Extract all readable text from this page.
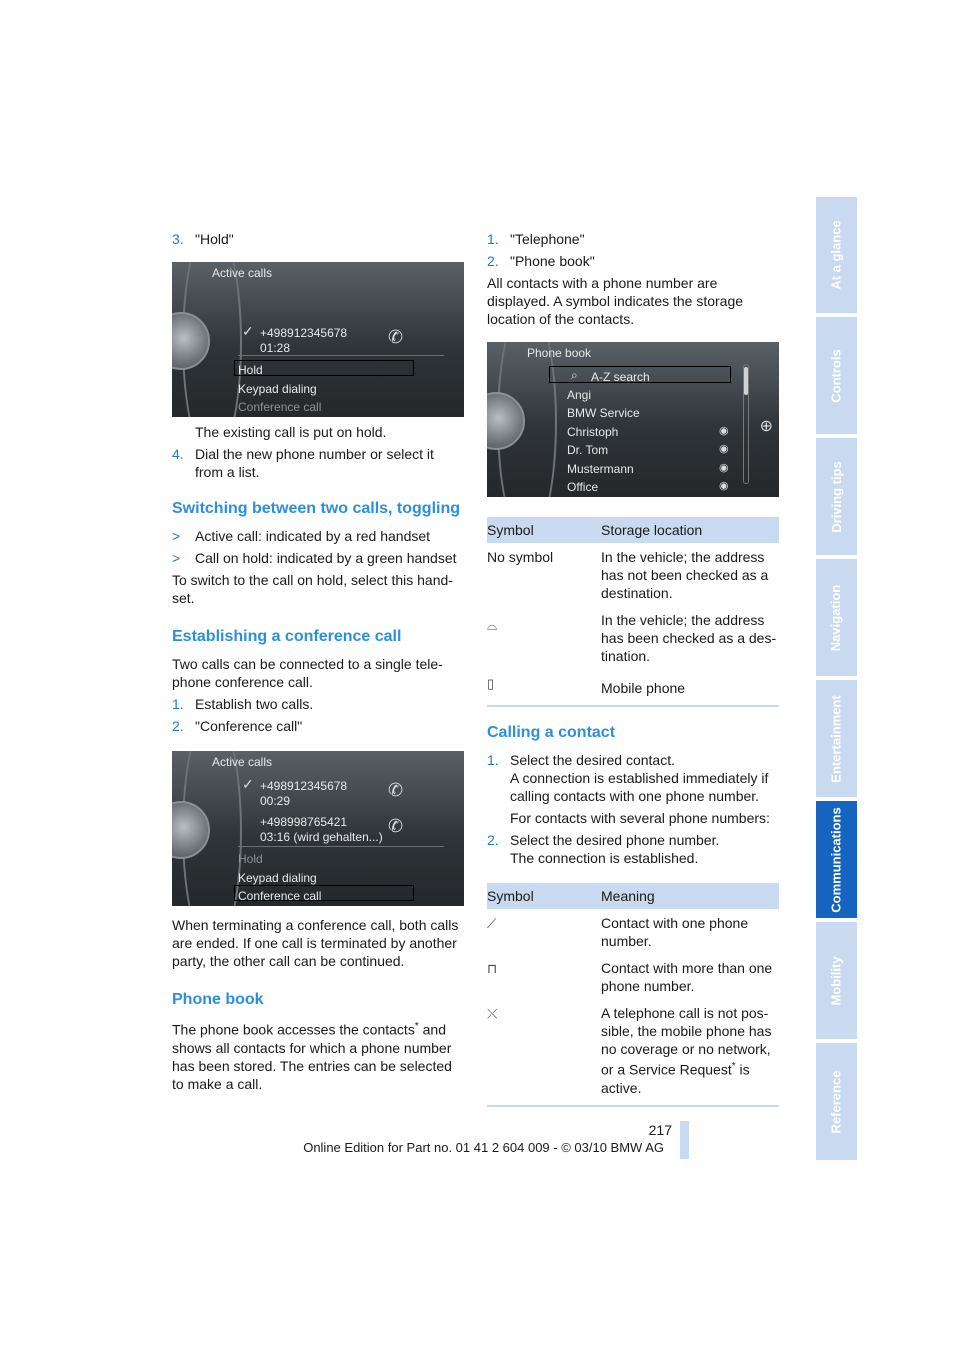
3. "Hold"
Active calls
✓ +498912345678
01:28
✆
Hold
Keypad dialing
Conference call

The existing call is put on hold.

4. Dial the new phone number or select it from a list.
Switching between two calls, toggling
>	Active call: indicated by a red handset
>	Call on hold: indicated by a green handset

To switch to the call on hold, select this hand-set.

Establishing a conference call

Two calls can be connected to a single tele-phone conference call.

1. Establish two calls.
2. "Conference call"
Active calls
✓ +498912345678
00:29
✆
+498998765421
03:16 (wird gehalten...)
✆
Hold
Keypad dialing
Conference call

When terminating a conference call, both calls are ended. If one call is terminated by another party, the other call can be continued.

Phone book

The phone book accesses the contacts* and shows all contacts for which a phone number has been stored. The entries can be selected to make a call.

1. "Telephone"
2. "Phone book"

All contacts with a phone number are displayed. A symbol indicates the storage location of the contacts.

Phone book
⌕ A-Z search
Angi
BMW Service
Christoph
Dr. Tom
Mustermann
Office
◉
◉
◉
◉
⊕
Symbol	Storage location
No symbol	In the vehicle; the address has not been checked as a destination.
⌓	In the vehicle; the address has been checked as a des-tination.
▯	Mobile phone
Calling a contact
1. Select the desired contact.

A connection is established immediately if calling contacts with one phone number.

For contacts with several phone numbers:

2. Select the desired phone number.

The connection is established.

Symbol	Meaning
⟋	Contact with one phone number.
⊓	Contact with more than one phone number.
⤬	A telephone call is not pos-sible, the mobile phone has no coverage or no network, or a Service Request* is active.
At a glance
Controls
Driving tips
Navigation
Entertainment
Communications
Mobility
Reference
217
Online Edition for Part no. 01 41 2 604 009 - © 03/10 BMW AG
